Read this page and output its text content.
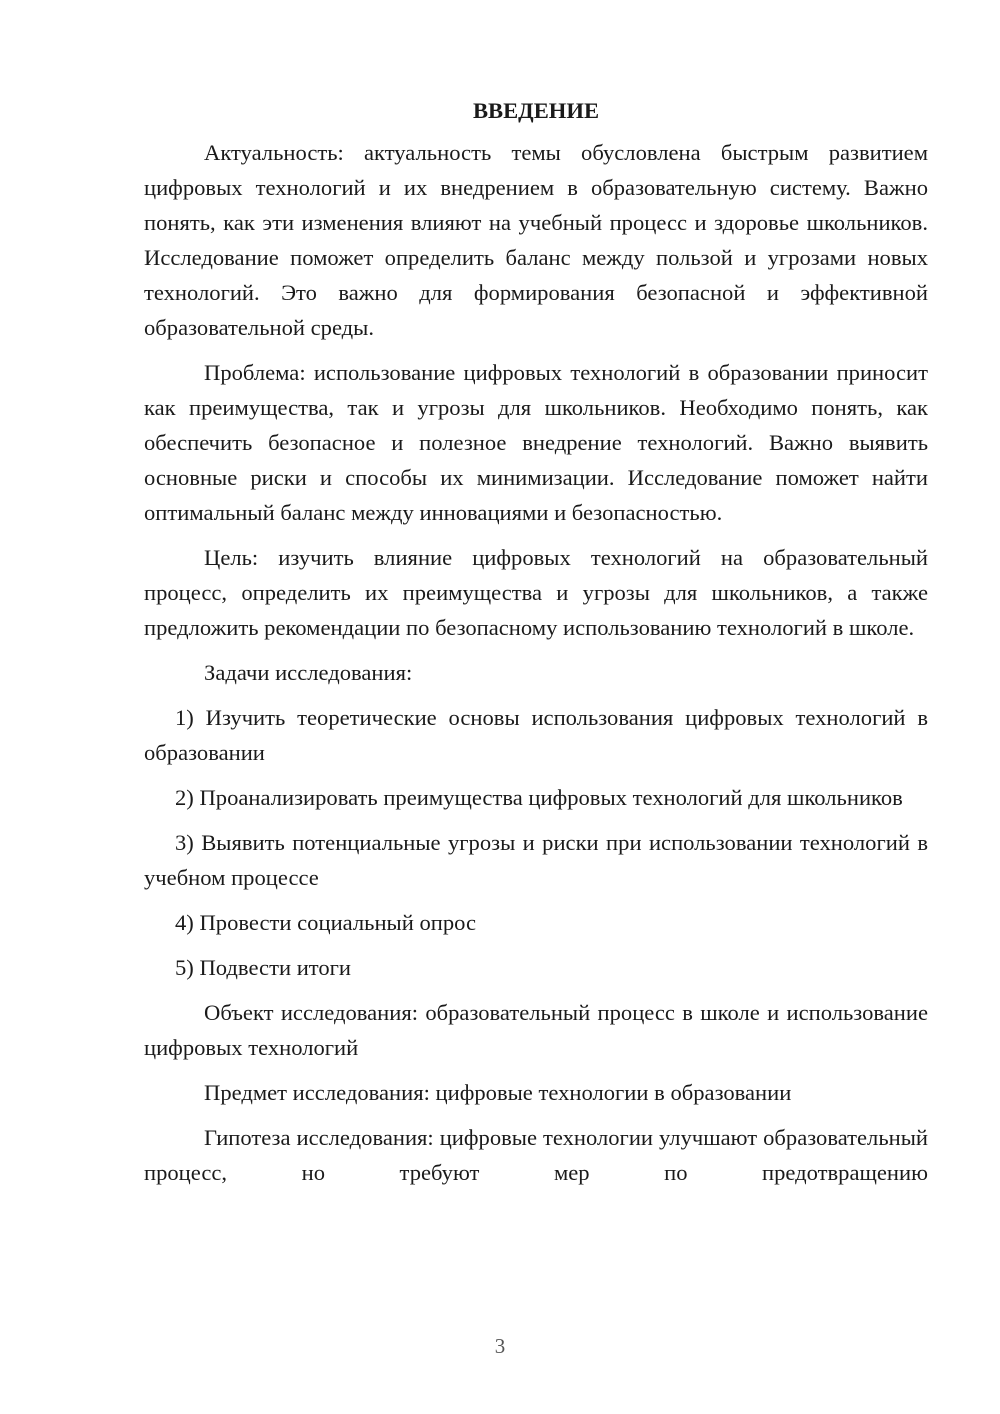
ВВЕДЕНИЕ

Актуальность: актуальность темы обусловлена быстрым развитием цифровых технологий и их внедрением в образовательную систему. Важно понять, как эти изменения влияют на учебный процесс и здоровье школьников. Исследование поможет определить баланс между пользой и угрозами новых технологий. Это важно для формирования безопасной и эффективной образовательной среды.

Проблема: использование цифровых технологий в образовании приносит как преимущества, так и угрозы для школьников. Необходимо понять, как обеспечить безопасное и полезное внедрение технологий. Важно выявить основные риски и способы их минимизации. Исследование поможет найти оптимальный баланс между инновациями и безопасностью.

Цель: изучить влияние цифровых технологий на образовательный процесс, определить их преимущества и угрозы для школьников, а также предложить рекомендации по безопасному использованию технологий в школе.

Задачи исследования:

1) Изучить теоретические основы использования цифровых технологий в образовании

2) Проанализировать преимущества цифровых технологий для школьников

3) Выявить потенциальные угрозы и риски при использовании технологий в учебном процессе

4) Провести социальный опрос

5) Подвести итоги

Объект исследования: образовательный процесс в школе и использование цифровых технологий

Предмет исследования: цифровые технологии в образовании

Гипотеза исследования: цифровые технологии улучшают образовательный процесс, но требуют мер по предотвращению

3
